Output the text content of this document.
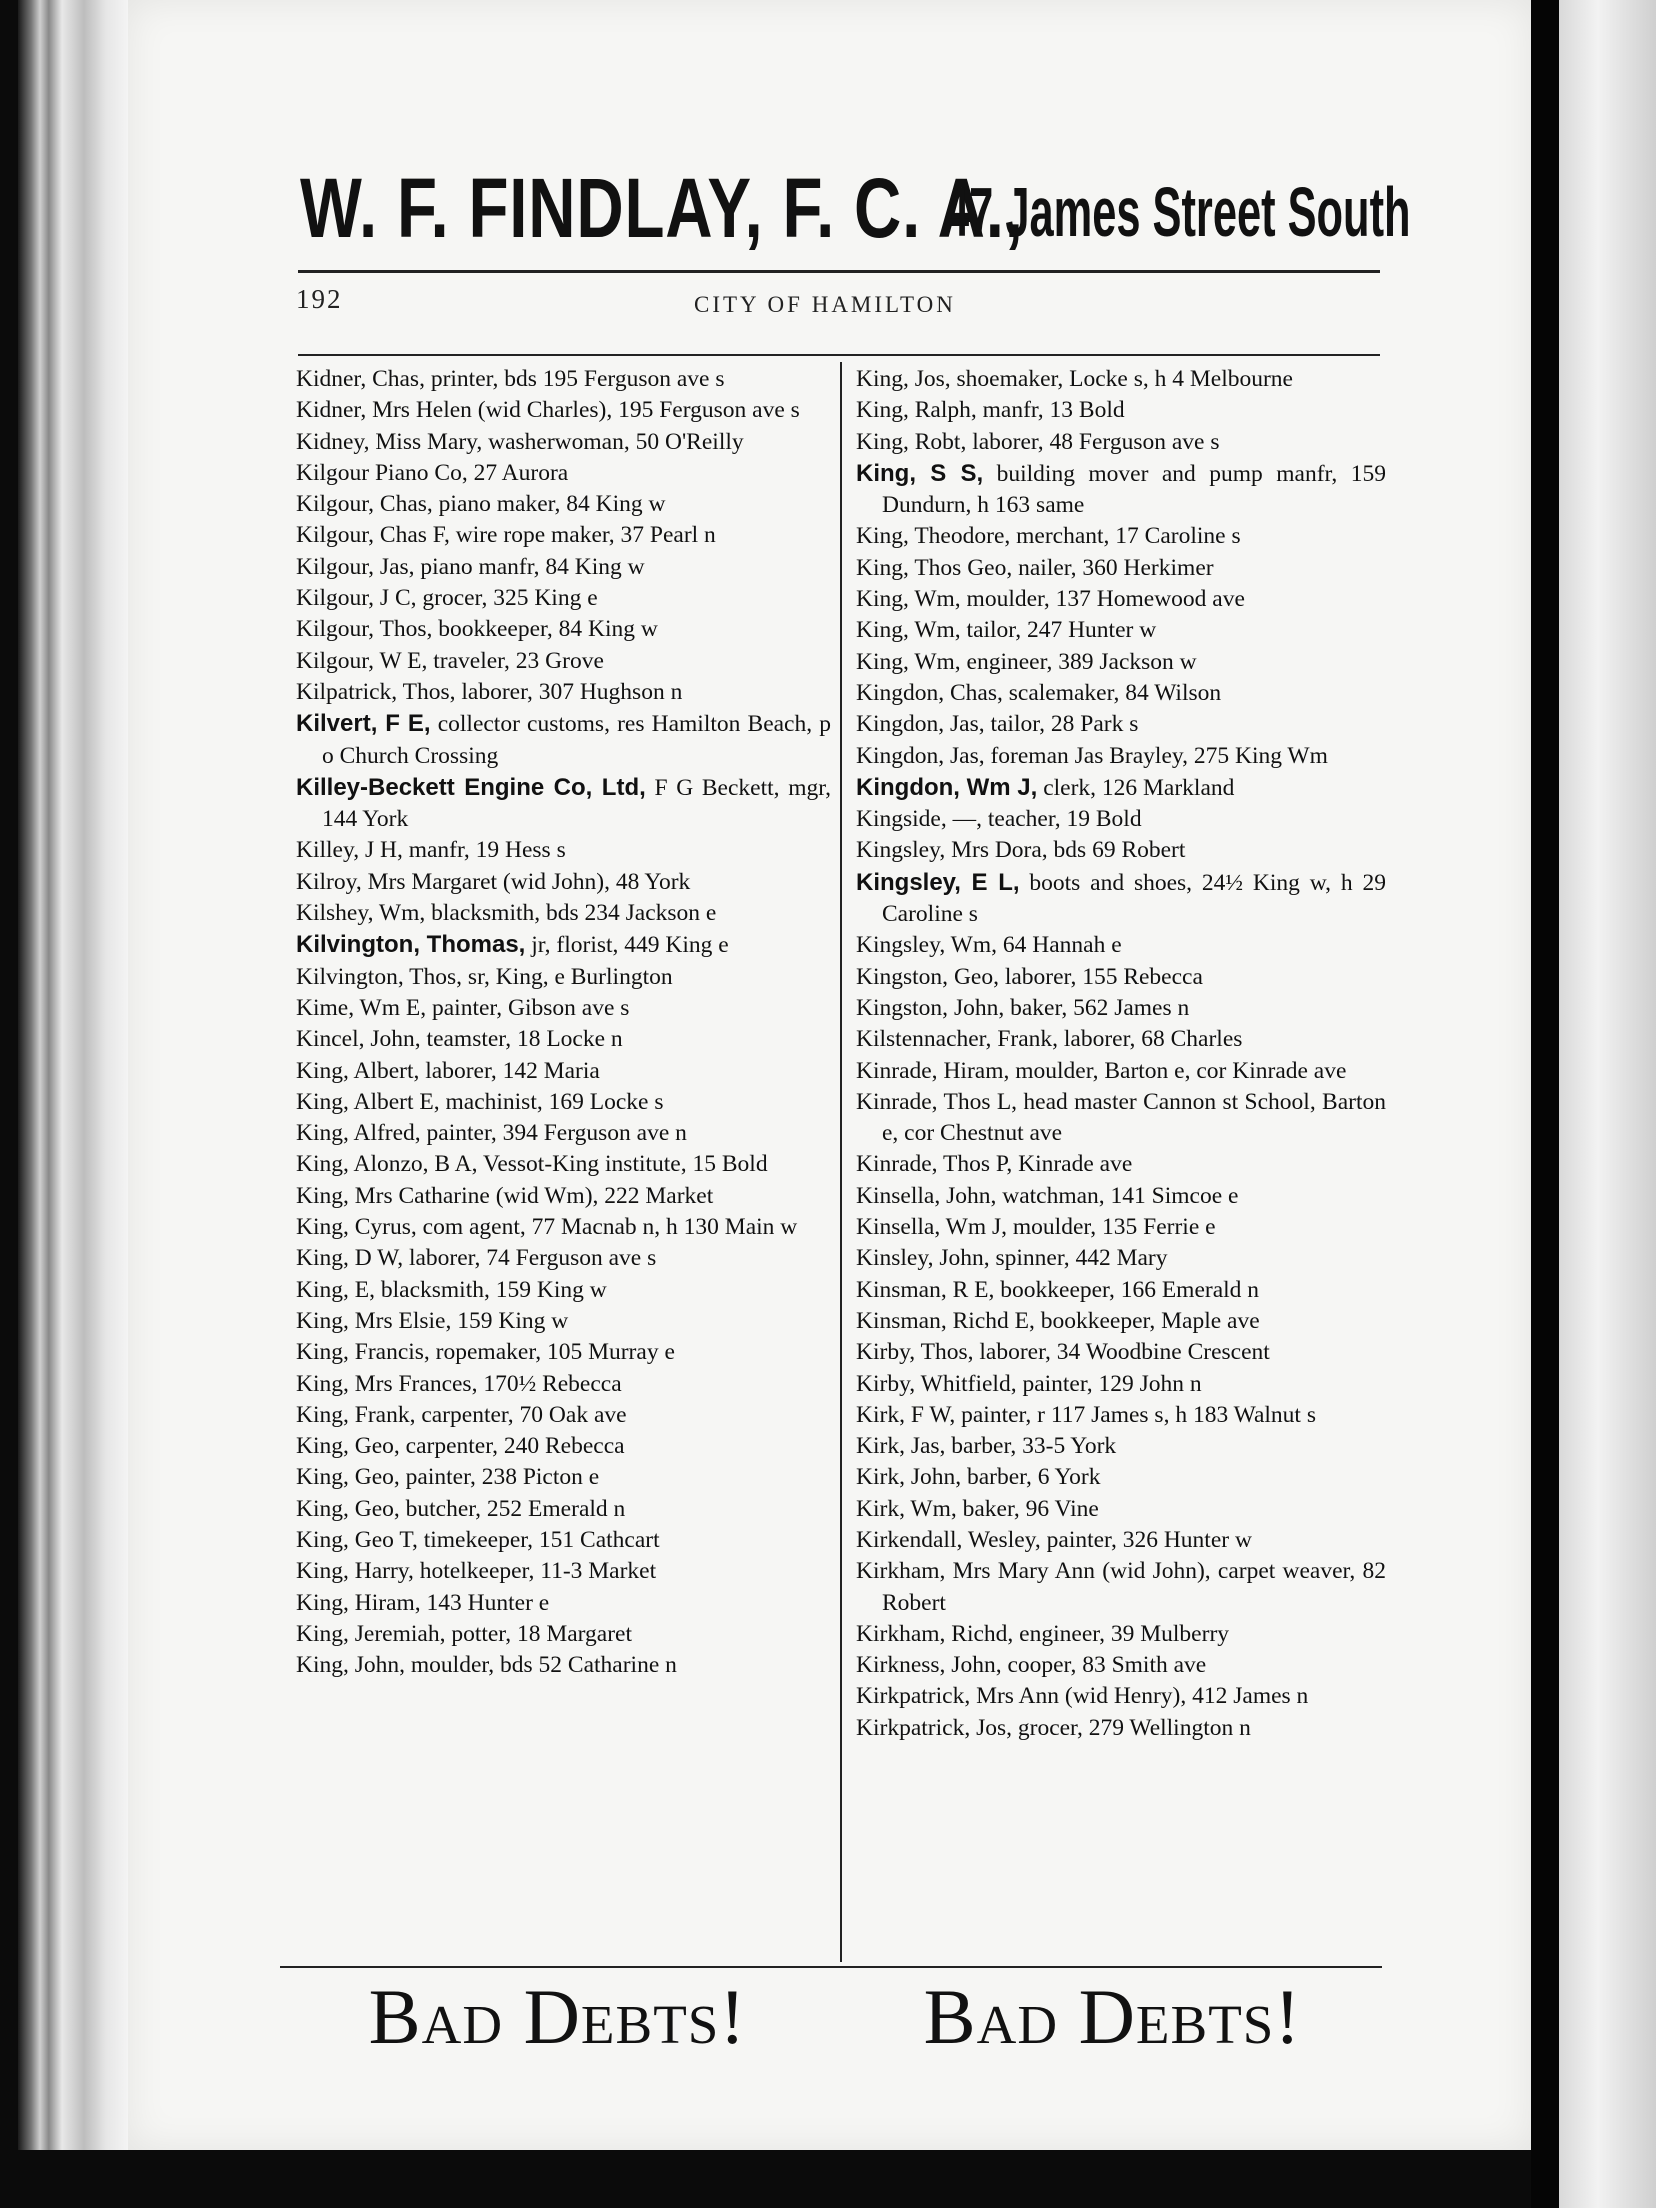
W. F. FINDLAY, F. C. A.,
47 James Street South
192	CITY OF HAMILTON

Kidner, Chas, printer, bds 195 Ferguson ave s

Kidner, Mrs Helen (wid Charles), 195 Ferguson ave s

Kidney, Miss Mary, washerwoman, 50 O'Reilly

Kilgour Piano Co, 27 Aurora

Kilgour, Chas, piano maker, 84 King w

Kilgour, Chas F, wire rope maker, 37 Pearl n

Kilgour, Jas, piano manfr, 84 King w

Kilgour, J C, grocer, 325 King e

Kilgour, Thos, bookkeeper, 84 King w

Kilgour, W E, traveler, 23 Grove

Kilpatrick, Thos, laborer, 307 Hughson n

Kilvert, F E, collector customs, res Hamilton Beach, p o Church Crossing

Killey-Beckett Engine Co, Ltd, F G Beckett, mgr, 144 York

Killey, J H, manfr, 19 Hess s

Kilroy, Mrs Margaret (wid John), 48 York

Kilshey, Wm, blacksmith, bds 234 Jackson e

Kilvington, Thomas, jr, florist, 449 King e

Kilvington, Thos, sr, King, e Burlington

Kime, Wm E, painter, Gibson ave s

Kincel, John, teamster, 18 Locke n

King, Albert, laborer, 142 Maria

King, Albert E, machinist, 169 Locke s

King, Alfred, painter, 394 Ferguson ave n

King, Alonzo, B A, Vessot-King institute, 15 Bold

King, Mrs Catharine (wid Wm), 222 Market

King, Cyrus, com agent, 77 Macnab n, h 130 Main w

King, D W, laborer, 74 Ferguson ave s

King, E, blacksmith, 159 King w

King, Mrs Elsie, 159 King w

King, Francis, ropemaker, 105 Murray e

King, Mrs Frances, 170½ Rebecca

King, Frank, carpenter, 70 Oak ave

King, Geo, carpenter, 240 Rebecca

King, Geo, painter, 238 Picton e

King, Geo, butcher, 252 Emerald n

King, Geo T, timekeeper, 151 Cathcart

King, Harry, hotelkeeper, 11-3 Market

King, Hiram, 143 Hunter e

King, Jeremiah, potter, 18 Margaret

King, John, moulder, bds 52 Catharine n

King, Jos, shoemaker, Locke s, h 4 Melbourne

King, Ralph, manfr, 13 Bold

King, Robt, laborer, 48 Ferguson ave s

King, S S, building mover and pump manfr, 159 Dundurn, h 163 same

King, Theodore, merchant, 17 Caroline s

King, Thos Geo, nailer, 360 Herkimer

King, Wm, moulder, 137 Homewood ave

King, Wm, tailor, 247 Hunter w

King, Wm, engineer, 389 Jackson w

Kingdon, Chas, scalemaker, 84 Wilson

Kingdon, Jas, tailor, 28 Park s

Kingdon, Jas, foreman Jas Brayley, 275 King Wm

Kingdon, Wm J, clerk, 126 Markland

Kingside, —, teacher, 19 Bold

Kingsley, Mrs Dora, bds 69 Robert

Kingsley, E L, boots and shoes, 24½ King w, h 29 Caroline s

Kingsley, Wm, 64 Hannah e

Kingston, Geo, laborer, 155 Rebecca

Kingston, John, baker, 562 James n

Kilstennacher, Frank, laborer, 68 Charles

Kinrade, Hiram, moulder, Barton e, cor Kinrade ave

Kinrade, Thos L, head master Cannon st School, Barton e, cor Chestnut ave

Kinrade, Thos P, Kinrade ave

Kinsella, John, watchman, 141 Simcoe e

Kinsella, Wm J, moulder, 135 Ferrie e

Kinsley, John, spinner, 442 Mary

Kinsman, R E, bookkeeper, 166 Emerald n

Kinsman, Richd E, bookkeeper, Maple ave

Kirby, Thos, laborer, 34 Woodbine Crescent

Kirby, Whitfield, painter, 129 John n

Kirk, F W, painter, r 117 James s, h 183 Walnut s

Kirk, Jas, barber, 33-5 York

Kirk, John, barber, 6 York

Kirk, Wm, baker, 96 Vine

Kirkendall, Wesley, painter, 326 Hunter w

Kirkham, Mrs Mary Ann (wid John), carpet weaver, 82 Robert

Kirkham, Richd, engineer, 39 Mulberry

Kirkness, John, cooper, 83 Smith ave

Kirkpatrick, Mrs Ann (wid Henry), 412 James n

Kirkpatrick, Jos, grocer, 279 Wellington n

Bad Debts! Bad Debts!
